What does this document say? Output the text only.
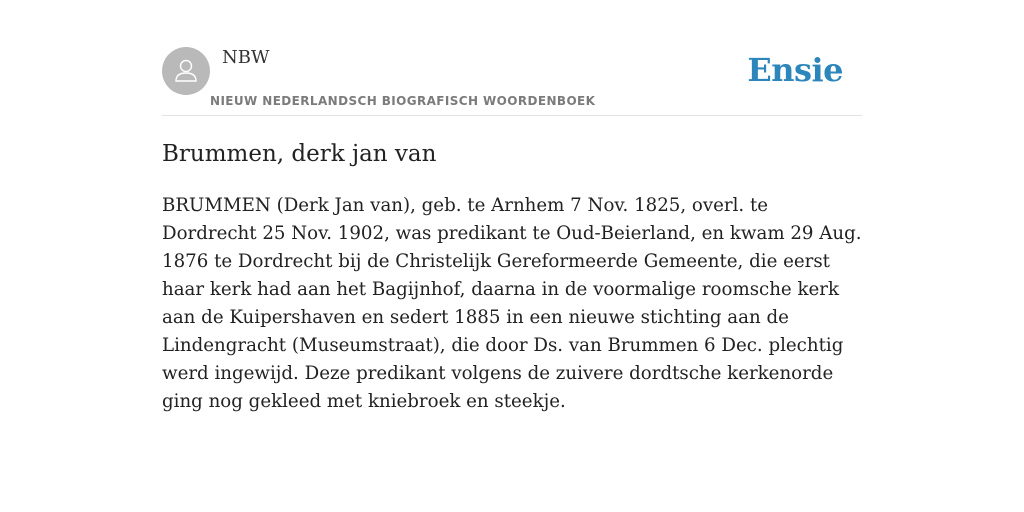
NBW
NIEUW NEDERLANDSCH BIOGRAFISCH WOORDENBOEK
Ensie
Brummen, derk jan van

BRUMMEN (Derk Jan van), geb. te Arnhem 7 Nov. 1825, overl. te Dordrecht 25 Nov. 1902, was predikant te Oud-Beierland, en kwam 29 Aug. 1876 te Dordrecht bij de Christelijk Gereformeerde Gemeente, die eerst haar kerk had aan het Bagijnhof, daarna in de voormalige roomsche kerk aan de Kuipershaven en sedert 1885 in een nieuwe stichting aan de Lindengracht (Museumstraat), die door Ds. van Brummen 6 Dec. plechtig werd ingewijd. Deze predikant volgens de zuivere dordtsche kerkenorde ging nog gekleed met kniebroek en steekje.
